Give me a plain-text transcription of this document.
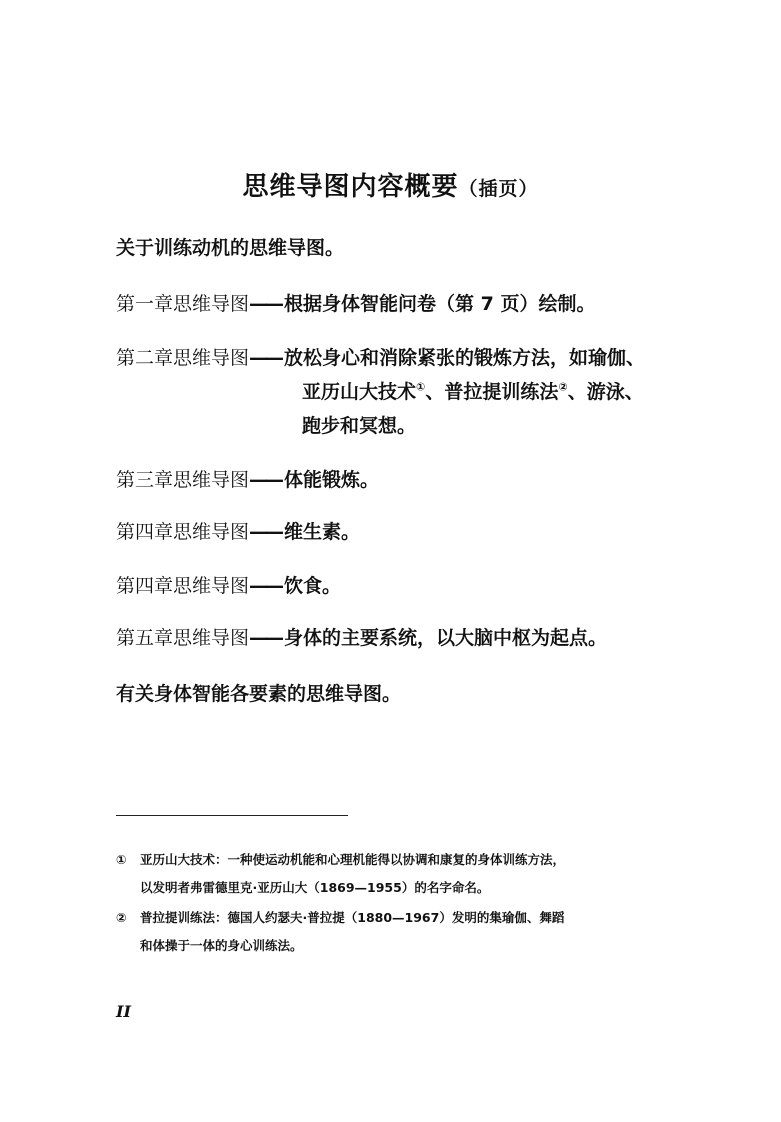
思维导图内容概要（插页）
关于训练动机的思维导图。
第一章思维导图—— 根据身体智能问卷（第 7 页）绘制。
第二章思维导图—— 放松身心和消除紧张的锻炼方法，如瑜伽、
亚历山大技术①、普拉提训练法②、游泳、
跑步和冥想。
第三章思维导图—— 体能锻炼。
第四章思维导图—— 维生素。
第四章思维导图—— 饮食。
第五章思维导图—— 身体的主要系统，以大脑中枢为起点。
有关身体智能各要素的思维导图。
① 亚历山大技术：一种使运动机能和心理机能得以协调和康复的身体训练方法，
以发明者弗雷德里克·亚历山大（1869—1955）的名字命名。
② 普拉提训练法：德国人约瑟夫·普拉提（1880—1967）发明的集瑜伽、舞蹈
和体操于一体的身心训练法。
II
